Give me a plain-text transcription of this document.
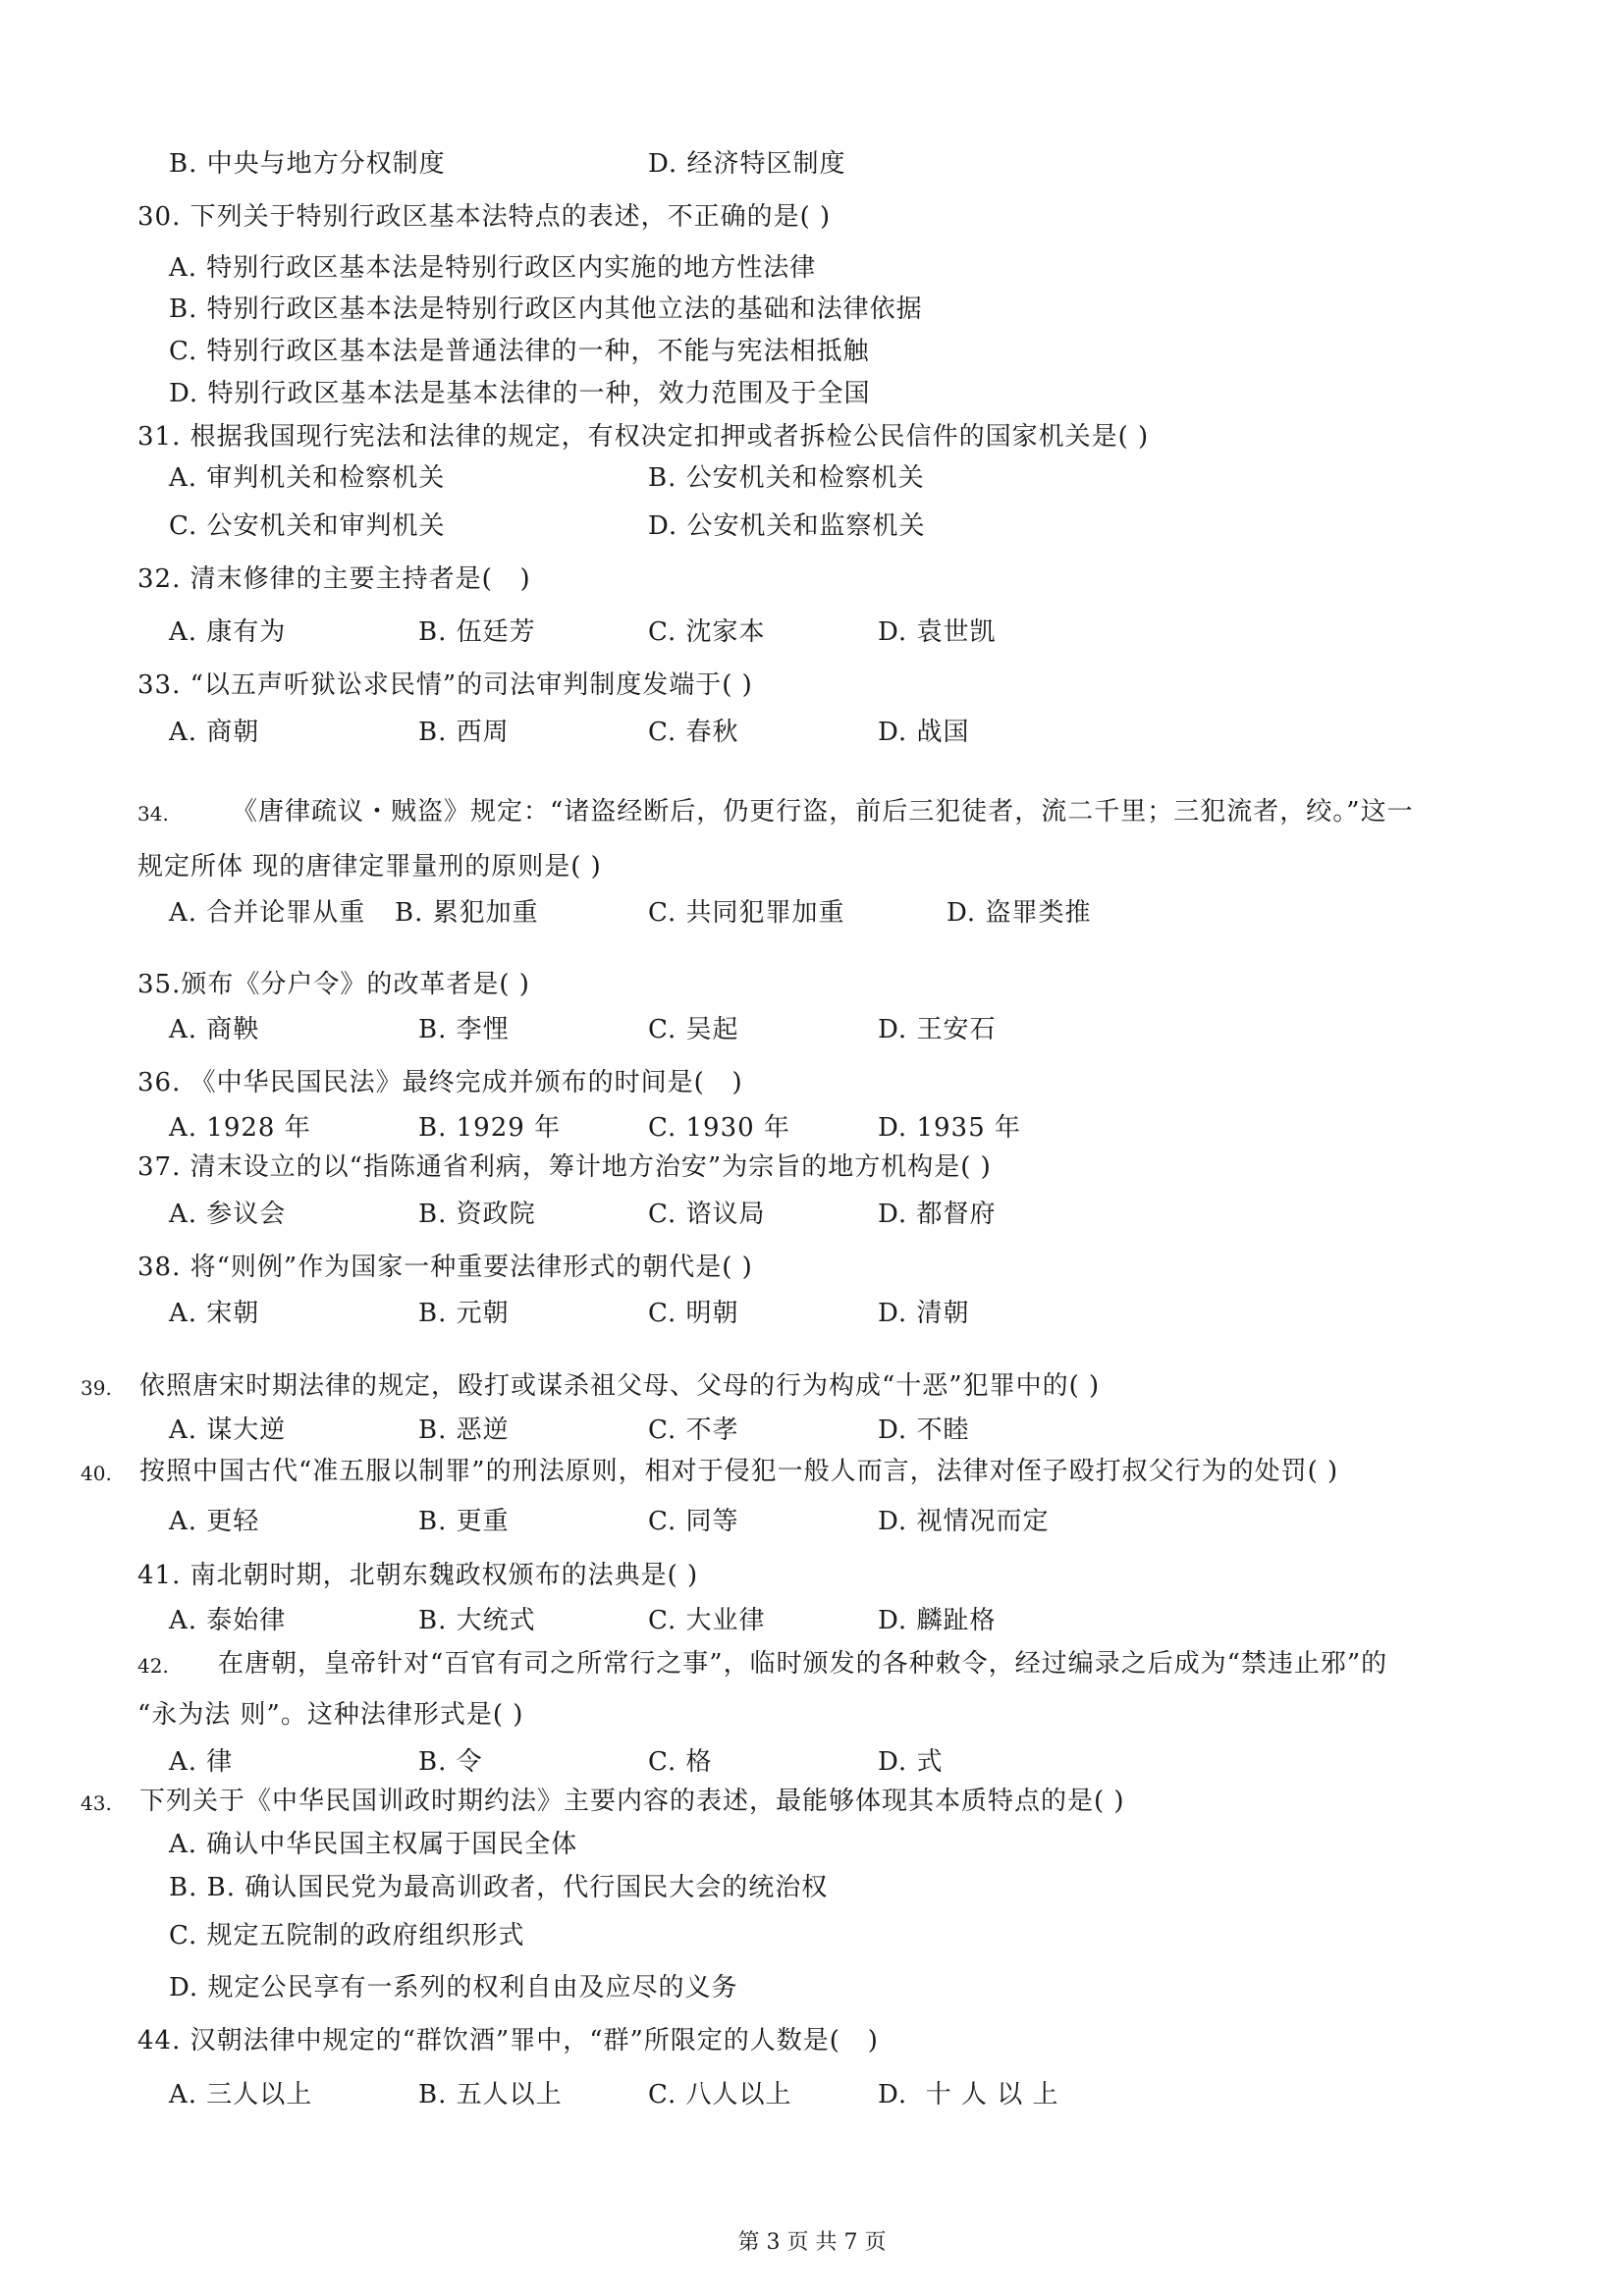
B. 中央与地方分权制度	D. 经济特区制度
30. 下列关于特别行政区基本法特点的表述，不正确的是( )
A. 特别行政区基本法是特别行政区内实施的地方性法律
B. 特别行政区基本法是特别行政区内其他立法的基础和法律依据
C. 特别行政区基本法是普通法律的一种，不能与宪法相抵触
D. 特别行政区基本法是基本法律的一种，效力范围及于全国
31. 根据我国现行宪法和法律的规定，有权决定扣押或者拆检公民信件的国家机关是( )
A. 审判机关和检察机关	B. 公安机关和检察机关
C. 公安机关和审判机关	D. 公安机关和监察机关
32. 清末修律的主要主持者是(   )
A. 康有为	B. 伍廷芳	C. 沈家本	D. 袁世凯
33. “以五声听狱讼求民情”的司法审判制度发端于( )
A. 商朝	B. 西周	C. 春秋	D. 战国
34. 《唐律疏议・贼盗》规定：“诸盗经断后，仍更行盗，前后三犯徒者，流二千里；三犯流者，绞。”这一
规定所体 现的唐律定罪量刑的原则是( )
A. 合并论罪从重 B. 累犯加重	C. 共同犯罪加重	D. 盗罪类推
35.颁布《分户令》的改革者是( )
A. 商鞅	B. 李悝	C. 吴起	D. 王安石
36. 《中华民国民法》最终完成并颁布的时间是(   )
A. 1928 年	B. 1929 年	C. 1930 年	D. 1935 年
37. 清末设立的以“指陈通省利病，筹计地方治安”为宗旨的地方机构是( )
A. 参议会	B. 资政院	C. 谘议局	D. 都督府
38. 将“则例”作为国家一种重要法律形式的朝代是( )
A. 宋朝	B. 元朝	C. 明朝	D. 清朝
39. 依照唐宋时期法律的规定，殴打或谋杀祖父母、父母的行为构成“十恶”犯罪中的( )
A. 谋大逆	B. 恶逆	C. 不孝	D. 不睦
40. 按照中国古代“准五服以制罪”的刑法原则，相对于侵犯一般人而言，法律对侄子殴打叔父行为的处罚( )
A. 更轻	B. 更重	C. 同等	D. 视情况而定
41. 南北朝时期，北朝东魏政权颁布的法典是( )
A. 泰始律	B. 大统式	C. 大业律	D. 麟趾格
42. 在唐朝，皇帝针对“百官有司之所常行之事”，临时颁发的各种敕令，经过编录之后成为“禁违止邪”的
“永为法 则”。这种法律形式是( )
A. 律	B. 令	C. 格	D. 式
43. 下列关于《中华民国训政时期约法》主要内容的表述，最能够体现其本质特点的是( )
A. 确认中华民国主权属于国民全体
B. B. 确认国民党为最高训政者，代行国民大会的统治权
C. 规定五院制的政府组织形式
D. 规定公民享有一系列的权利自由及应尽的义务
44. 汉朝法律中规定的“群饮酒”罪中，“群”所限定的人数是(   )
A. 三人以上	B. 五人以上	C. 八人以上	D.  十 人 以 上
第 3 页 共 7 页
